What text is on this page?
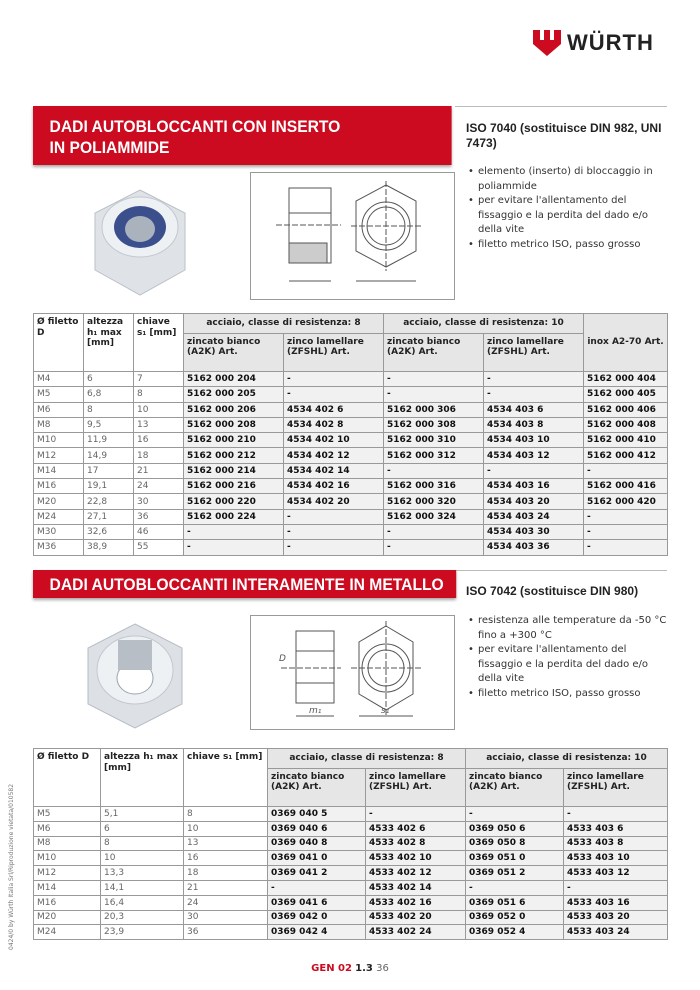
WÜRTH
DADI AUTOBLOCCANTI CON INSERTO
IN POLIAMMIDE
ISO 7040 (sostituisce DIN 982, UNI 7473)
• elemento (inserto) di bloccaggio in poliammide
• per evitare l'allentamento del fissaggio e la perdita del dado e/o della vite
• filetto metrico ISO, passo grosso
Ø filetto D	altezza h₁ max [mm]	chiave s₁ [mm]	acciaio, classe di resistenza: 8		acciaio, classe di resistenza: 10		inox A2-70 Art.
			zincato bianco (A2K) Art.	zinco lamellare (ZFSHL) Art.	zincato bianco (A2K) Art.	zinco lamellare (ZFSHL) Art.	
M4	6	7	5162 000 204	-	-	-	5162 000 404
M5	6,8	8	5162 000 205	-	-	-	5162 000 405
M6	8	10	5162 000 206	4534 402 6	5162 000 306	4534 403 6	5162 000 406
M8	9,5	13	5162 000 208	4534 402 8	5162 000 308	4534 403 8	5162 000 408
M10	11,9	16	5162 000 210	4534 402 10	5162 000 310	4534 403 10	5162 000 410
M12	14,9	18	5162 000 212	4534 402 12	5162 000 312	4534 403 12	5162 000 412
M14	17	21	5162 000 214	4534 402 14	-	-	-
M16	19,1	24	5162 000 216	4534 402 16	5162 000 316	4534 403 16	5162 000 416
M20	22,8	30	5162 000 220	4534 402 20	5162 000 320	4534 403 20	5162 000 420
M24	27,1	36	5162 000 224	-	5162 000 324	4534 403 24	-
M30	32,6	46	-	-	-	4534 403 30	-
M36	38,9	55	-	-	-	4534 403 36	-
DADI AUTOBLOCCANTI INTERAMENTE IN METALLO	ISO 7042 (sostituisce DIN 980)
• resistenza alle temperature da -50 °C fino a +300 °C
• per evitare l'allentamento del fissaggio e la perdita del dado e/o della vite
• filetto metrico ISO, passo grosso
m₁	s₁
D
Ø filetto D	altezza h₁ max [mm]	chiave s₁ [mm]	acciaio, classe di resistenza: 8		acciaio, classe di resistenza: 10	
			zincato bianco (A2K) Art.	zinco lamellare (ZFSHL) Art.	zincato bianco (A2K) Art.	zinco lamellare (ZFSHL) Art.
M5	5,1	8	0369 040 5	-	-	-
M6	6	10	0369 040 6	4533 402 6	0369 050 6	4533 403 6
M8	8	13	0369 040 8	4533 402 8	0369 050 8	4533 403 8
M10	10	16	0369 041 0	4533 402 10	0369 051 0	4533 403 10
M12	13,3	18	0369 041 2	4533 402 12	0369 051 2	4533 403 12
M14	14,1	21	-	4533 402 14	-	-
M16	16,4	24	0369 041 6	4533 402 16	0369 051 6	4533 403 16
M20	20,3	30	0369 042 0	4533 402 20	0369 052 0	4533 403 20
M24	23,9	36	0369 042 4	4533 402 24	0369 052 4	4533 403 24
0424/0 by Würth Italia Srl/Riproduzione vietata/010582
GEN 02 1.3 36
